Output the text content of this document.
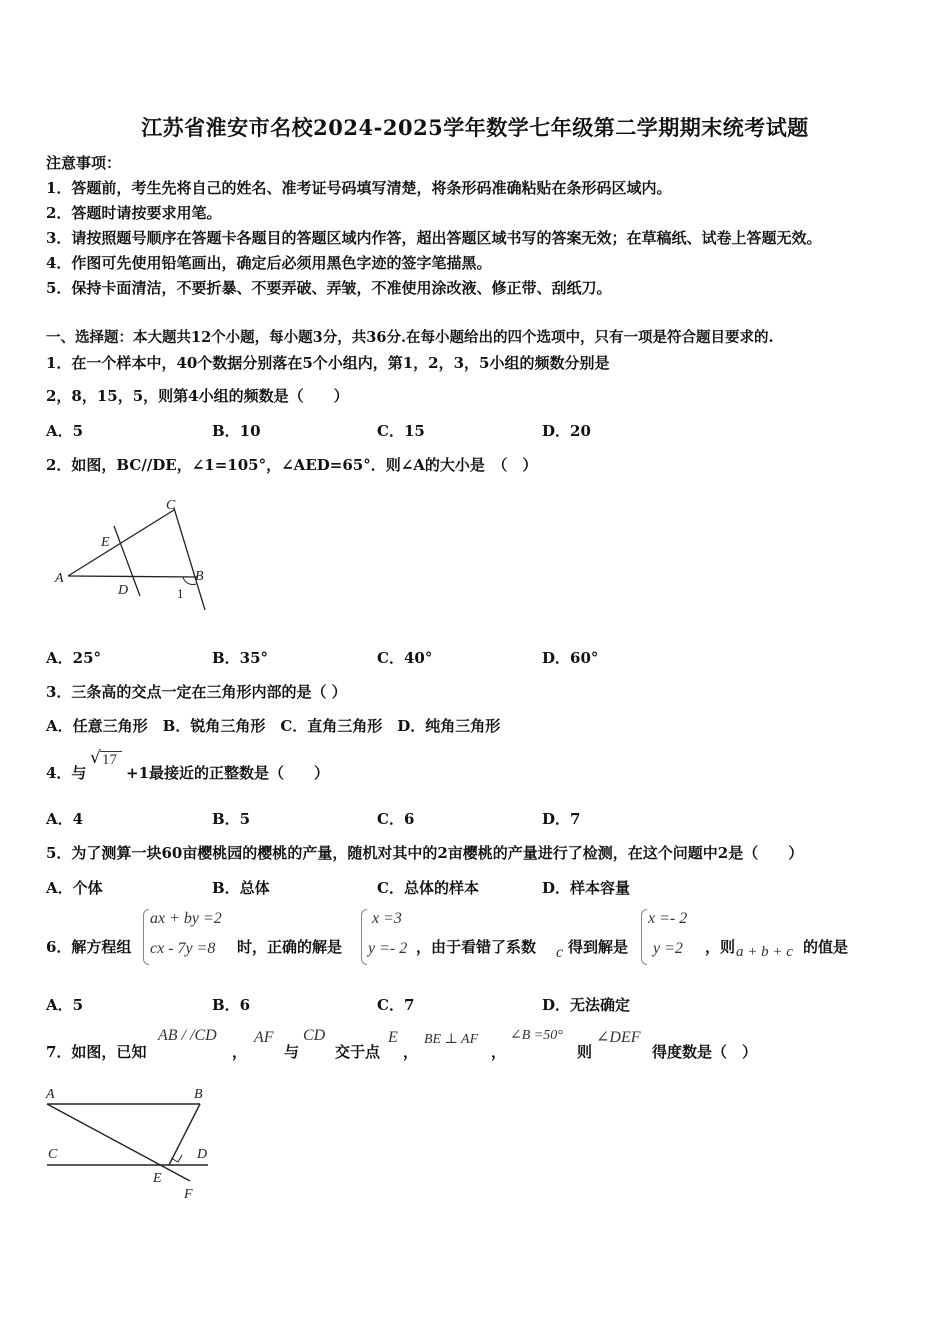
江苏省淮安市名校2024-2025学年数学七年级第二学期期末统考试题
注意事项：
1．答题前，考生先将自己的姓名、准考证号码填写清楚，将条形码准确粘贴在条形码区域内。
2．答题时请按要求用笔。
3．请按照题号顺序在答题卡各题目的答题区域内作答，超出答题区域书写的答案无效；在草稿纸、试卷上答题无效。
4．作图可先使用铅笔画出，确定后必须用黑色字迹的签字笔描黑。
5．保持卡面清洁，不要折暴、不要弄破、弄皱，不准使用涂改液、修正带、刮纸刀。
一、选择题：本大题共12个小题，每小题3分，共36分.在每小题给出的四个选项中，只有一项是符合题目要求的.
1．在一个样本中，40个数据分别落在5个小组内，第1，2，3，5小组的频数分别是
2，8，15，5，则第4小组的频数是（　　）
A．5	B．10	C．15	D．20
2．如图，BC//DE，∠1=105°，∠AED=65°．则∠A的大小是　（　）
A	B
C
D
E
1
A．25°	B．35°	C．40°	D．60°
3．三条高的交点一定在三角形内部的是（ ）
A．任意三角形　B．锐角三角形　C．直角三角形　D．纯角三角形
4．与
√ 17
+1最接近的正整数是（　　）
A．4	B．5	C．6	D．7
5．为了测算一块60亩樱桃园的樱桃的产量，随机对其中的2亩樱桃的产量进行了检测，在这个问题中2是（　　）
A．个体	B．总体	C．总体的样本	D．样本容量
6．解方程组
ax + by =2
cx - 7y =8 时，正确的解是
x =3
y =- 2 ，由于看错了系数 c 得到解是
x =- 2
y =2 ，则 a + b + c 的值是
A．5	B．6	C．7	D．无法确定
7．如图，已知
AB / /CD
，
AF
与
CD
交于点
E
，
BE ⊥ AF
，
∠B =50°
则
∠DEF
得度数是（　）
A	B
C	D
E
F
